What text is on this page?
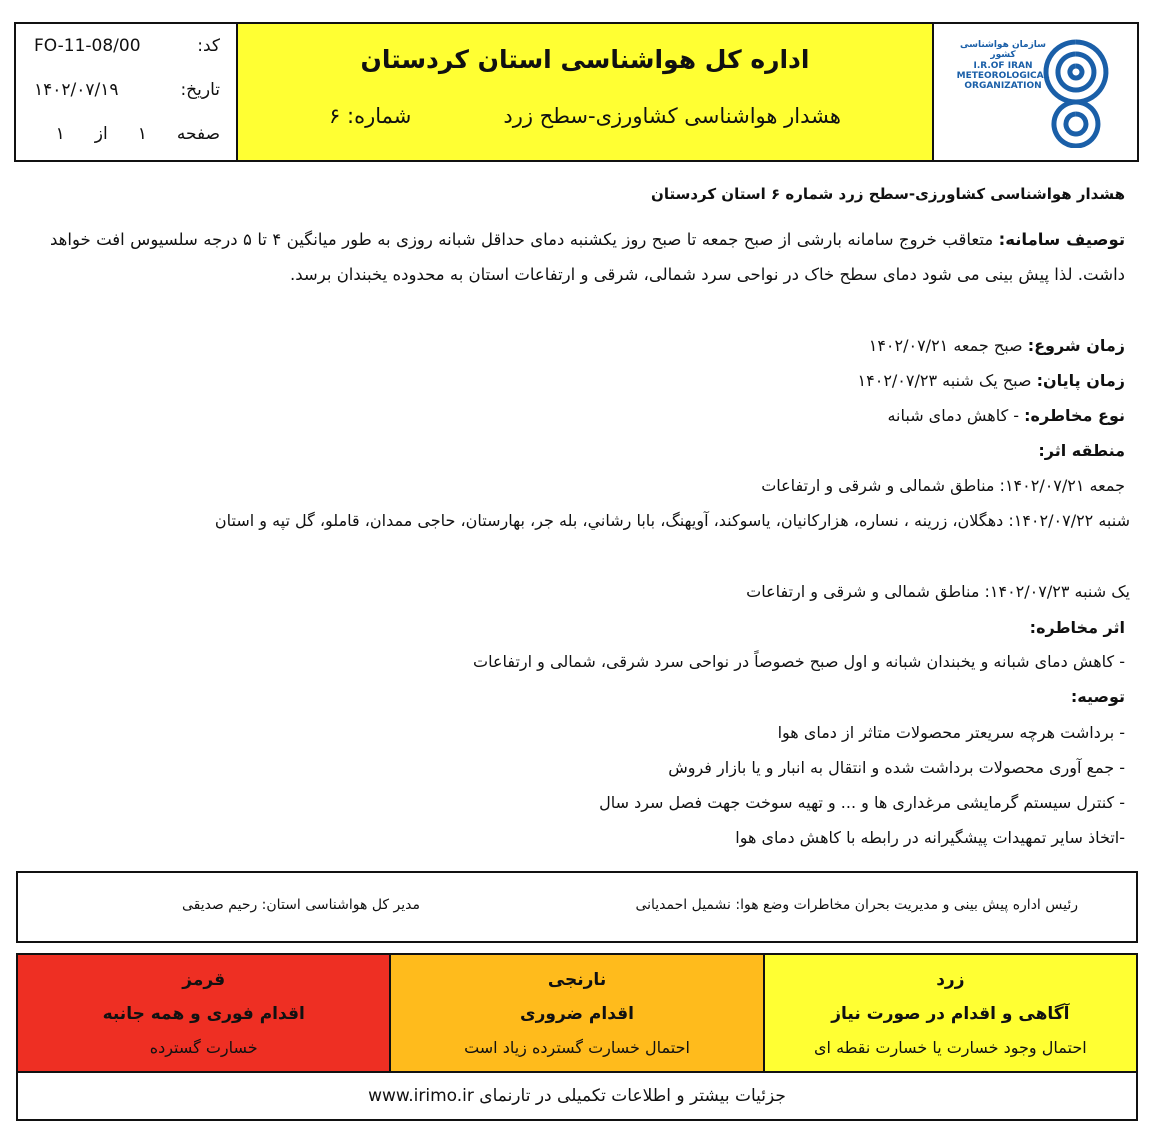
FO-11-08/00	کد:
۱۴۰۲/۰۷/۱۹	تاریخ:
صفحه
۱
از
۱
اداره کل هواشناسی استان کردستان
هشدار هواشناسی کشاورزی-سطح زرد
شماره: ۶
سازمان هواشناسی کشور
I.R.OF IRAN
METEOROLOGICAL
ORGANIZATION
هشدار هواشناسی کشاورزی-سطح زرد شماره ۶ استان کردستان
توصیف سامانه: متعاقب خروج سامانه بارشی از صبح جمعه تا صبح روز یکشنبه دمای حداقل شبانه روزی به طور میانگین ۴ تا ۵ درجه سلسیوس افت خواهد داشت. لذا پیش بینی می شود دمای سطح خاک در نواحی سرد شمالی، شرقی و ارتفاعات استان به محدوده یخبندان برسد.
زمان شروع: صبح جمعه ۱۴۰۲/۰۷/۲۱
زمان پایان: صبح یک شنبه ۱۴۰۲/۰۷/۲۳
نوع مخاطره: - کاهش دمای شبانه
منطقه اثر:
جمعه ۱۴۰۲/۰۷/۲۱: مناطق شمالی و شرقی و ارتفاعات
شنبه ۱۴۰۲/۰۷/۲۲: دهگلان، زرینه ، نساره، هزارکانیان، یاسوکند، آویهنگ، بابا رشاني، بله جر، بهارستان، حاجی ممدان، قاملو، گل تپه و استان
یک شنبه ۱۴۰۲/۰۷/۲۳: مناطق شمالی و شرقی و ارتفاعات
اثر مخاطره:
- کاهش دمای شبانه و یخبندان شبانه و اول صبح خصوصاً در نواحی سرد شرقی، شمالی و ارتفاعات
توصیه:
- برداشت هرچه سریعتر محصولات متاثر از دمای هوا
- جمع آوری محصولات برداشت شده و انتقال به انبار و یا بازار فروش
- کنترل سیستم گرمایشی مرغداری ها و ... و تهیه سوخت جهت فصل سرد سال
-اتخاذ سایر تمهیدات پیشگیرانه در رابطه با کاهش دمای هوا
رئیس اداره پیش بینی و مدیریت بحران مخاطرات وضع هوا: نشمیل احمدیانی
مدیر کل هواشناسی استان: رحیم صدیقی
زرد
آگاهی و اقدام در صورت نیاز
احتمال وجود خسارت یا خسارت نقطه ای
نارنجی
اقدام ضروری
احتمال خسارت گسترده زیاد است
قرمز
اقدام فوری و همه جانبه
خسارت گسترده
جزئیات بیشتر و اطلاعات تکمیلی در تارنمای

www.irimo.ir
